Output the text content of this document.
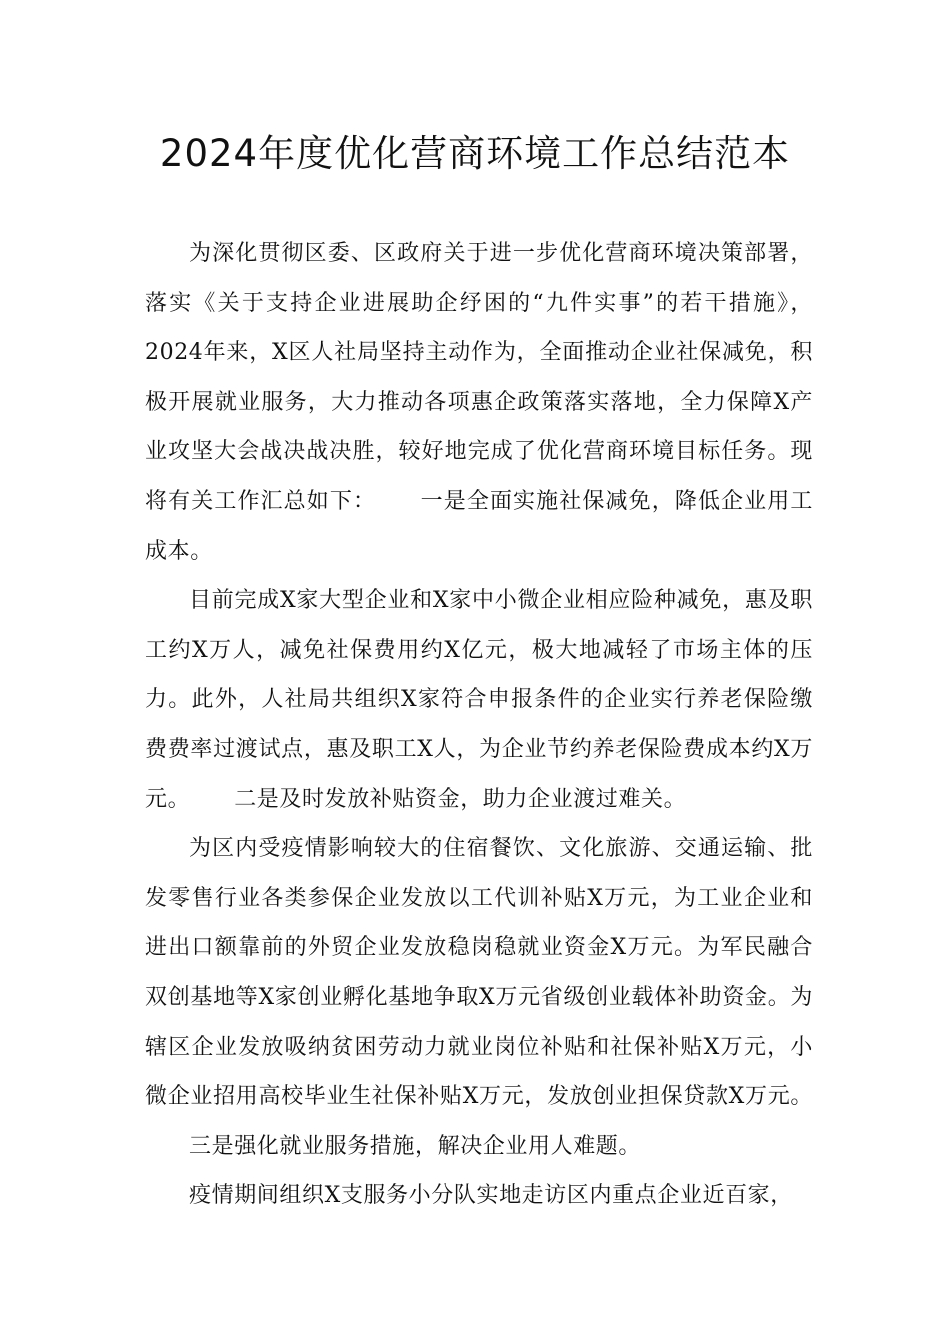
2024年度优化营商环境工作总结范本

为深化贯彻区委、区政府关于进一步优化营商环境决策部署，落实《关于支持企业进展助企纾困的“九件实事”的若干措施》，2024年来，X区人社局坚持主动作为，全面推动企业社保减免，积极开展就业服务，大力推动各项惠企政策落实落地，全力保障X产业攻坚大会战决战决胜，较好地完成了优化营商环境目标任务。现将有关工作汇总如下： 一是全面实施社保减免，降低企业用工成本。

目前完成X家大型企业和X家中小微企业相应险种减免，惠及职工约X万人，减免社保费用约X亿元，极大地减轻了市场主体的压力。此外，人社局共组织X家符合申报条件的企业实行养老保险缴费费率过渡试点，惠及职工X人，为企业节约养老保险费成本约X万元。 二是及时发放补贴资金，助力企业渡过难关。

为区内受疫情影响较大的住宿餐饮、文化旅游、交通运输、批发零售行业各类参保企业发放以工代训补贴X万元，为工业企业和进出口额靠前的外贸企业发放稳岗稳就业资金X万元。为军民融合双创基地等X家创业孵化基地争取X万元省级创业载体补助资金。为辖区企业发放吸纳贫困劳动力就业岗位补贴和社保补贴X万元，小微企业招用高校毕业生社保补贴X万元，发放创业担保贷款X万元。三是强化就业服务措施，解决企业用人难题。

疫情期间组织X支服务小分队实地走访区内重点企业近百家，
